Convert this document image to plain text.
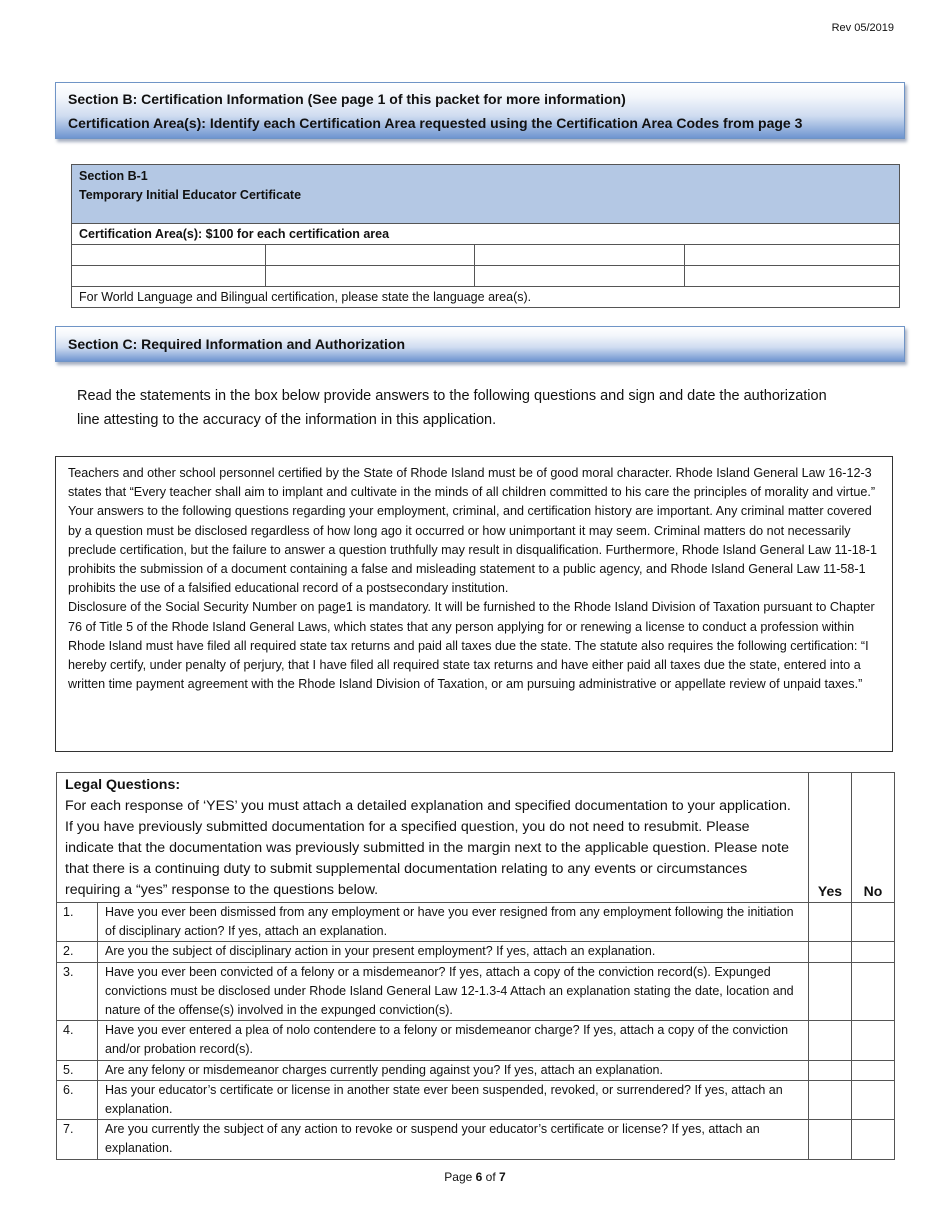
Rev 05/2019
Section B: Certification Information (See page 1 of this packet for more information)
Certification Area(s): Identify each Certification Area requested using the Certification Area Codes from page 3
Section B-1
Temporary Initial Educator Certificate			

Certification Area(s): $100 for each certification area			

For World Language and Bilingual certification, please state the language area(s).			
Section C: Required Information and Authorization
Read the statements in the box below provide answers to the following questions and sign and date the authorization line attesting to the accuracy of the information in this application.

Teachers and other school personnel certified by the State of Rhode Island must be of good moral character. Rhode Island General Law 16-12-3 states that “Every teacher shall aim to implant and cultivate in the minds of all children committed to his care the principles of morality and virtue.” Your answers to the following questions regarding your employment, criminal, and certification history are important. Any criminal matter covered by a question must be disclosed regardless of how long ago it occurred or how unimportant it may seem. Criminal matters do not necessarily preclude certification, but the failure to answer a question truthfully may result in disqualification. Furthermore, Rhode Island General Law 11-18-1 prohibits the submission of a document containing a false and misleading statement to a public agency, and Rhode Island General Law 11-58-1 prohibits the use of a falsified educational record of a postsecondary institution.
Disclosure of the Social Security Number on page1 is mandatory. It will be furnished to the Rhode Island Division of Taxation pursuant to Chapter 76 of Title 5 of the Rhode Island General Laws, which states that any person applying for or renewing a license to conduct a profession within Rhode Island must have filed all required state tax returns and paid all taxes due the state. The statute also requires the following certification: “I hereby certify, under penalty of perjury, that I have filed all required state tax returns and have either paid all taxes due the state, entered into a written time payment agreement with the Rhode Island Division of Taxation, or am pursuing administrative or appellate review of unpaid taxes.”

Legal Questions:
For each response of ‘YES’ you must attach a detailed explanation and specified documentation to your application. If you have previously submitted documentation for a specified question, you do not need to resubmit. Please indicate that the documentation was previously submitted in the margin next to the applicable question. Please note that there is a continuing duty to submit supplemental documentation relating to any events or circumstances requiring a “yes” response to the questions below.		Yes	No
1.	Have you ever been dismissed from any employment or have you ever resigned from any employment following the initiation of disciplinary action? If yes, attach an explanation.		
2.	Are you the subject of disciplinary action in your present employment? If yes, attach an explanation.		
3.	Have you ever been convicted of a felony or a misdemeanor? If yes, attach a copy of the conviction record(s). Expunged convictions must be disclosed under Rhode Island General Law 12-1.3-4 Attach an explanation stating the date, location and nature of the offense(s) involved in the expunged conviction(s).		
4.	Have you ever entered a plea of nolo contendere to a felony or misdemeanor charge? If yes, attach a copy of the conviction and/or probation record(s).		
5.	Are any felony or misdemeanor charges currently pending against you? If yes, attach an explanation.		
6.	Has your educator’s certificate or license in another state ever been suspended, revoked, or surrendered? If yes, attach an explanation.		
7.	Are you currently the subject of any action to revoke or suspend your educator’s certificate or license? If yes, attach an explanation.		
Page 6 of 7
